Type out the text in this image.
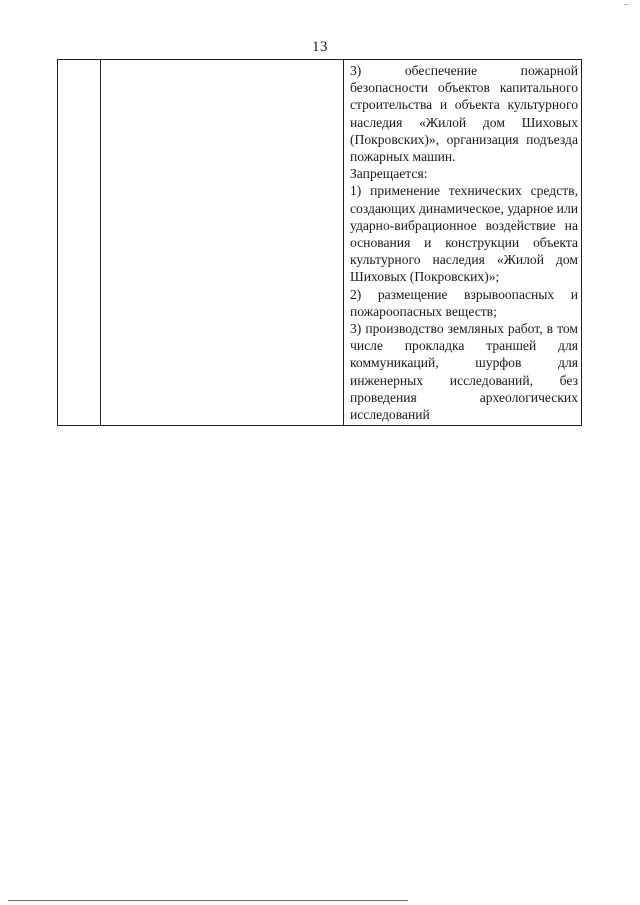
13

3) обеспечение пожарной безопасности объектов капитального строительства и объекта культурного наследия «Жилой дом Шиховых (Покровских)», организация подъезда пожарных машин.
Запрещается:
1) применение технических средств, создающих динамическое, ударное или ударно-вибрационное воздействие на основания и конструкции объекта культурного наследия «Жилой дом Шиховых (Покровских)»;
2) размещение взрывоопасных и пожароопасных веществ;
3) производство земляных работ, в том числе прокладка траншей для коммуникаций, шурфов для инженерных исследований, без проведения археологических исследований
